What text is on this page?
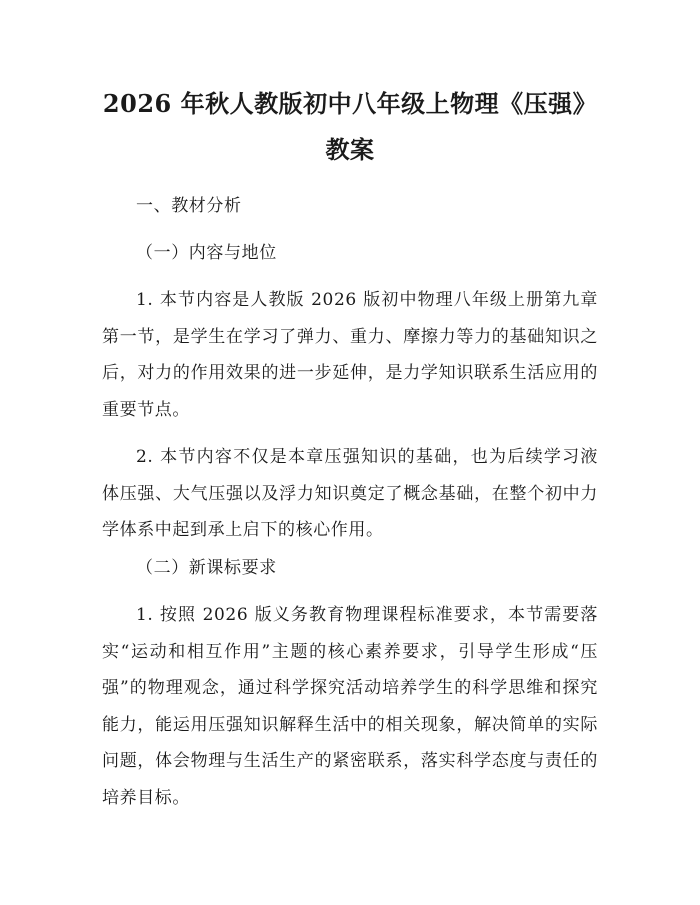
2026 年秋人教版初中八年级上物理《压强》
教案

一、教材分析

（一）内容与地位

1. 本节内容是人教版 2026 版初中物理八年级上册第九章第一节，是学生在学习了弹力、重力、摩擦力等力的基础知识之后，对力的作用效果的进一步延伸，是力学知识联系生活应用的重要节点。

2. 本节内容不仅是本章压强知识的基础，也为后续学习液体压强、大气压强以及浮力知识奠定了概念基础，在整个初中力学体系中起到承上启下的核心作用。

（二）新课标要求

1. 按照 2026 版义务教育物理课程标准要求，本节需要落实“运动和相互作用”主题的核心素养要求，引导学生形成“压强”的物理观念，通过科学探究活动培养学生的科学思维和探究能力，能运用压强知识解释生活中的相关现象，解决简单的实际问题，体会物理与生活生产的紧密联系，落实科学态度与责任的培养目标。
